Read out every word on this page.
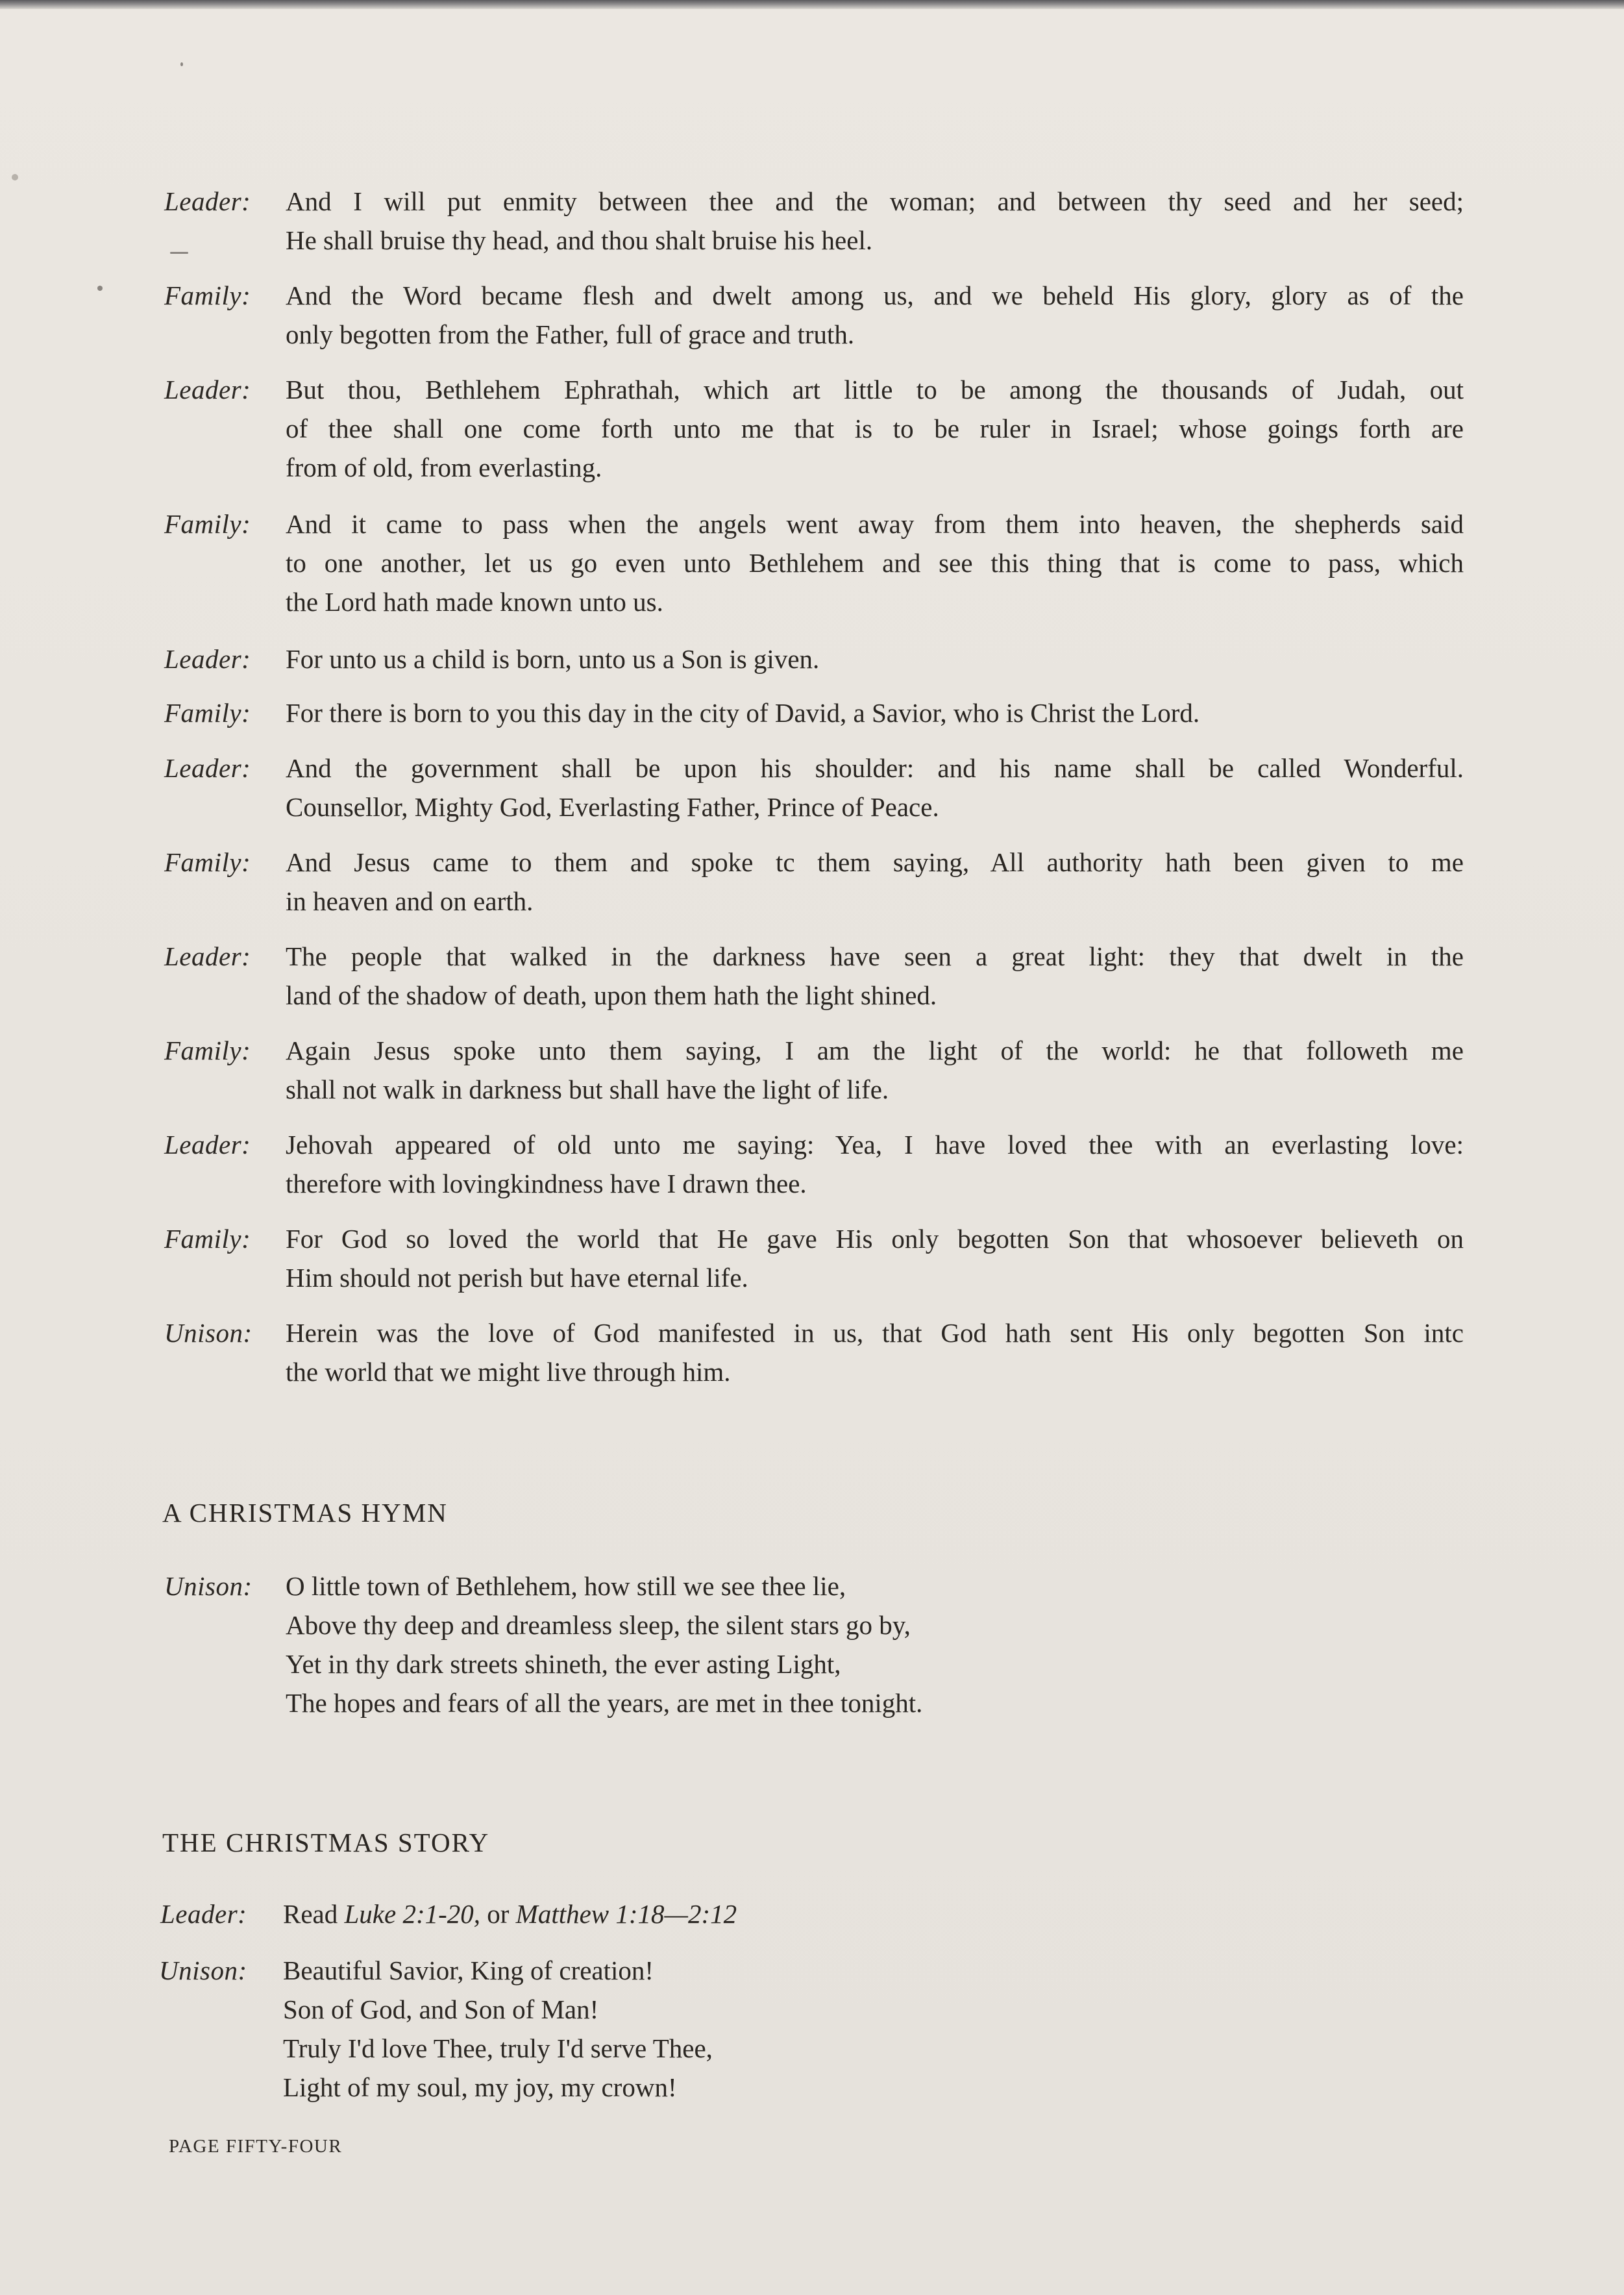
Leader:	And I will put enmity between thee and the woman; and between thy seed and her seed;
He shall bruise thy head, and thou shalt bruise his heel.
Family:	And the Word became flesh and dwelt among us, and we beheld His glory, glory as of the
only begotten from the Father, full of grace and truth.
Leader:	But thou, Bethlehem Ephrathah, which art little to be among the thousands of Judah, out
of thee shall one come forth unto me that is to be ruler in Israel; whose goings forth are
from of old, from everlasting.
Family:	And it came to pass when the angels went away from them into heaven, the shepherds said
to one another, let us go even unto Bethlehem and see this thing that is come to pass, which
the Lord hath made known unto us.
Leader:	For unto us a child is born, unto us a Son is given.
Family:	For there is born to you this day in the city of David, a Savior, who is Christ the Lord.
Leader:	And the government shall be upon his shoulder: and his name shall be called Wonderful.
Counsellor, Mighty God, Everlasting Father, Prince of Peace.
Family:	And Jesus came to them and spoke tc them saying, All authority hath been given to me
in heaven and on earth.
Leader:	The people that walked in the darkness have seen a great light: they that dwelt in the
land of the shadow of death, upon them hath the light shined.
Family:	Again Jesus spoke unto them saying, I am the light of the world: he that followeth me
shall not walk in darkness but shall have the light of life.
Leader:	Jehovah appeared of old unto me saying: Yea, I have loved thee with an everlasting love:
therefore with lovingkindness have I drawn thee.
Family:	For God so loved the world that He gave His only begotten Son that whosoever believeth on
Him should not perish but have eternal life.
Unison:	Herein was the love of God manifested in us, that God hath sent His only begotten Son intc
the world that we might live through him.
A CHRISTMAS HYMN
Unison:	O little town of Bethlehem, how still we see thee lie,
Above thy deep and dreamless sleep, the silent stars go by,
Yet in thy dark streets shineth, the ever asting Light,
The hopes and fears of all the years, are met in thee tonight.
THE CHRISTMAS STORY
Leader:	Read Luke 2:1-20, or Matthew 1:18—2:12
Unison:	Beautiful Savior, King of creation!
Son of God, and Son of Man!
Truly I'd love Thee, truly I'd serve Thee,
Light of my soul, my joy, my crown!
PAGE FIFTY-FOUR
